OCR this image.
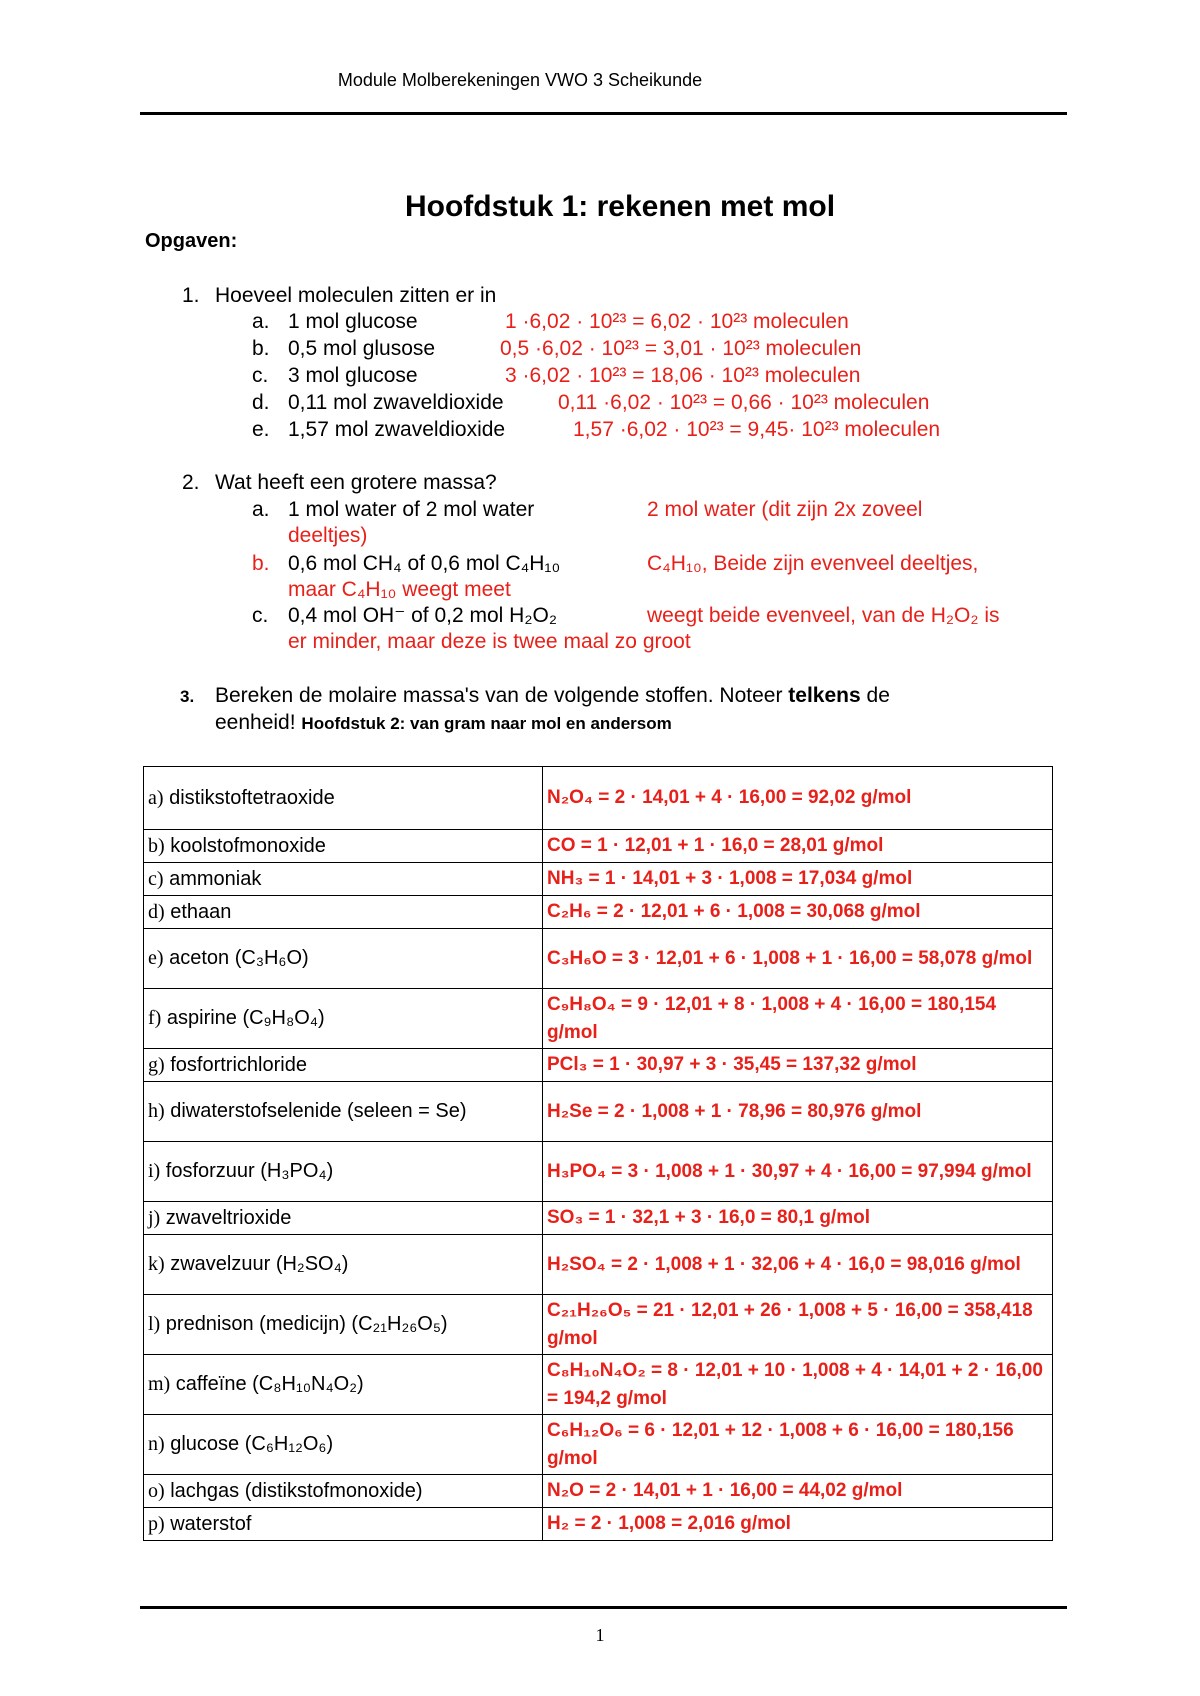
Module Molberekeningen VWO 3 Scheikunde
Hoofdstuk 1: rekenen met mol
Opgaven:
1. Hoeveel moleculen zitten er in
a. 1 mol glucose	1 ·6,02 · 10²³ = 6,02 · 10²³ moleculen
b. 0,5 mol glusose	0,5 ·6,02 · 10²³ = 3,01 · 10²³ moleculen
c. 3 mol glucose	3 ·6,02 · 10²³ = 18,06 · 10²³ moleculen
d. 0,11 mol zwaveldioxide	0,11 ·6,02 · 10²³ = 0,66 · 10²³ moleculen
e. 1,57 mol zwaveldioxide	1,57 ·6,02 · 10²³ = 9,45· 10²³ moleculen
2. Wat heeft een grotere massa?
a. 1 mol water of 2 mol water	2 mol water (dit zijn 2x zoveel
deeltjes)
b. 0,6 mol CH₄ of 0,6 mol C₄H₁₀	C₄H₁₀, Beide zijn evenveel deeltjes,
maar C₄H₁₀ weegt meet
c. 0,4 mol OH⁻ of 0,2 mol H₂O₂	weegt beide evenveel, van de H₂O₂ is
er minder, maar deze is twee maal zo groot
3. Bereken de molaire massa's van de volgende stoffen. Noteer telkens de
eenheid! Hoofdstuk 2: van gram naar mol en andersom
a) distikstoftetraoxide	N₂O₄ = 2 · 14,01 + 4 · 16,00 = 92,02 g/mol
b) koolstofmonoxide	CO = 1 · 12,01 + 1 · 16,0 = 28,01 g/mol
c) ammoniak	NH₃ = 1 · 14,01 + 3 · 1,008 = 17,034 g/mol
d) ethaan	C₂H₆ = 2 · 12,01 + 6 · 1,008 = 30,068 g/mol
e) aceton (C₃H₆O)	C₃H₆O = 3 · 12,01 + 6 · 1,008 + 1 · 16,00 = 58,078 g/mol
f) aspirine (C₉H₈O₄)	C₉H₈O₄ = 9 · 12,01 + 8 · 1,008 + 4 · 16,00 = 180,154 g/mol
g) fosfortrichloride	PCl₃ = 1 · 30,97 + 3 · 35,45 = 137,32 g/mol
h) diwaterstofselenide (seleen = Se)	H₂Se = 2 · 1,008 + 1 · 78,96 = 80,976 g/mol
i) fosforzuur (H₃PO₄)	H₃PO₄ = 3 · 1,008 + 1 · 30,97 + 4 · 16,00 = 97,994 g/mol
j) zwaveltrioxide	SO₃ = 1 · 32,1 + 3 · 16,0 = 80,1 g/mol
k) zwavelzuur (H₂SO₄)	H₂SO₄ = 2 · 1,008 + 1 · 32,06 + 4 · 16,0 = 98,016 g/mol
l) prednison (medicijn) (C₂₁H₂₆O₅)	C₂₁H₂₆O₅ = 21 · 12,01 + 26 · 1,008 + 5 · 16,00 = 358,418 g/mol
m) caffeïne (C₈H₁₀N₄O₂)	C₈H₁₀N₄O₂ = 8 · 12,01 + 10 · 1,008 + 4 · 14,01 + 2 · 16,00 = 194,2 g/mol
n) glucose (C₆H₁₂O₆)	C₆H₁₂O₆ = 6 · 12,01 + 12 · 1,008 + 6 · 16,00 = 180,156 g/mol
o) lachgas (distikstofmonoxide)	N₂O = 2 · 14,01 + 1 · 16,00 = 44,02 g/mol
p) waterstof	H₂ = 2 · 1,008 = 2,016 g/mol
1
